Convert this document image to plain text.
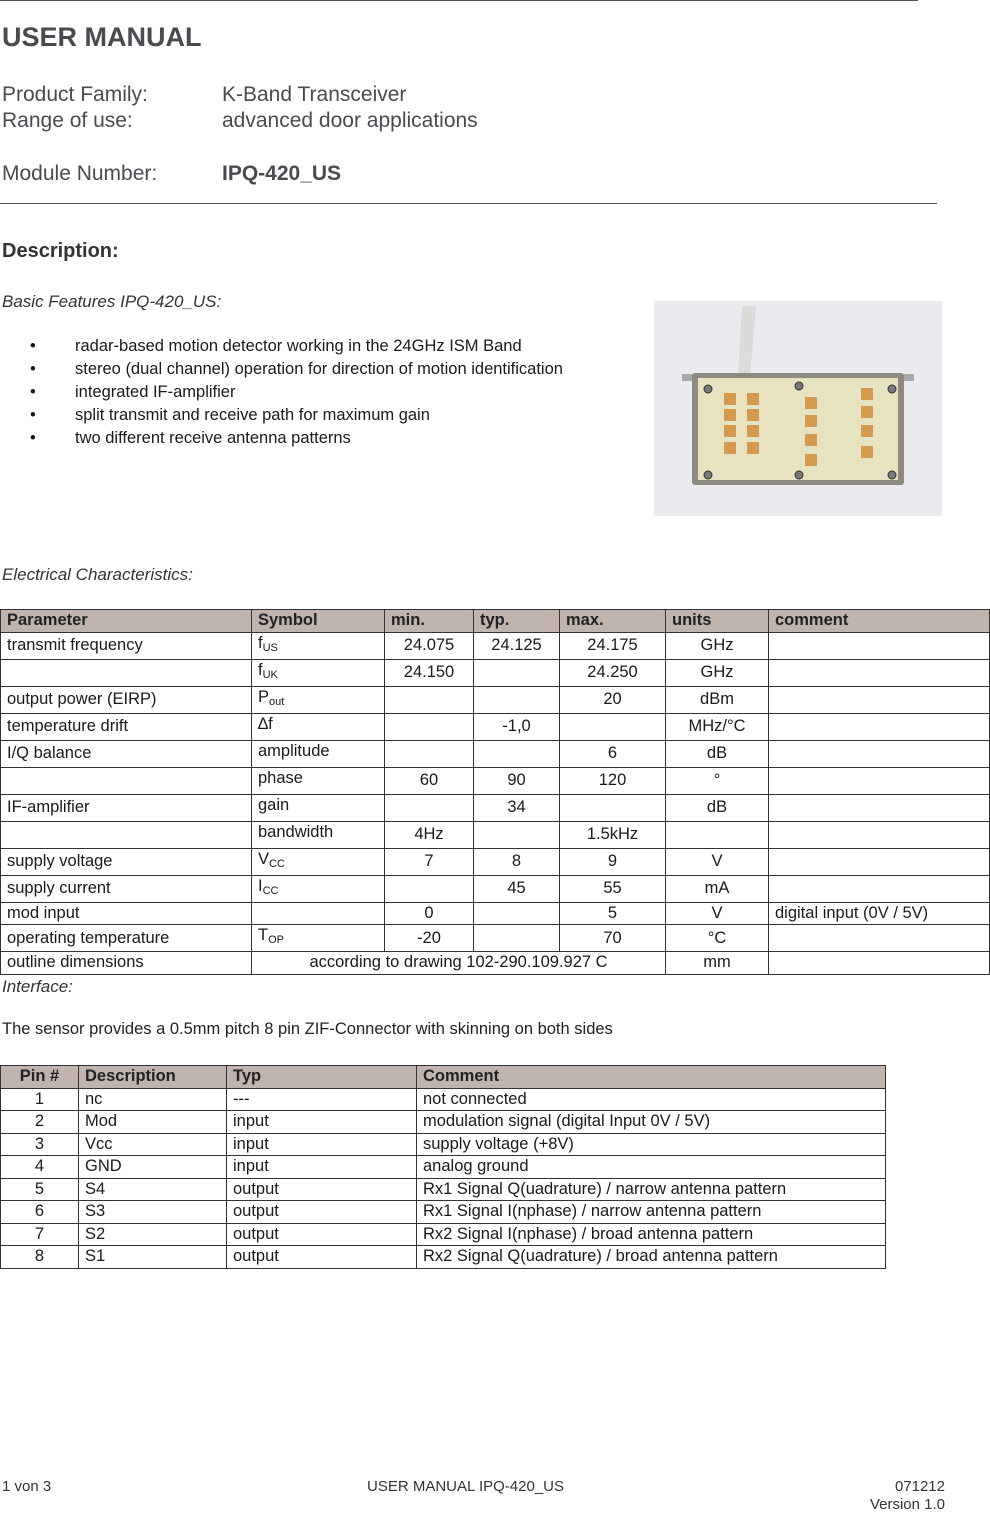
USER MANUAL
Product Family:	K-Band Transceiver
Range of use:	advanced door applications
Module Number:	IPQ-420_US
Description:
Basic Features IPQ-420_US:
• radar-based motion detector working in the 24GHz ISM Band
• stereo (dual channel) operation for direction of motion identification
• integrated IF-amplifier
• split transmit and receive path for maximum gain
• two different receive antenna patterns
Electrical Characteristics:
Parameter	Symbol	min.	typ.	max.	units	comment
transmit frequency	$f_{US}$	24.075	24.125	24.175	GHz	
	$f_{UK}$	24.150		24.250	GHz	
output power (EIRP)	$P_{out}$			20	dBm	
temperature drift	∆f		-1,0		MHz/°C	
I/Q balance	amplitude			6	dB	
	phase	60	90	120	°	
IF-amplifier	gain		34		dB	
	bandwidth	4Hz		1.5kHz		
supply voltage	$V_{CC}$	7	8	9	V	
supply current	$I_{CC}$		45	55	mA	
mod input		0		5	V	digital input (0V / 5V)
operating temperature	$T_{OP}$	-20		70	°C	
outline dimensions	according to drawing 102-290.109.927 C				mm	
Interface:
The sensor provides a 0.5mm pitch 8 pin ZIF-Connector with skinning on both sides
Pin #	Description	Typ	Comment
1	nc	---	not connected
2	Mod	input	modulation signal (digital Input 0V / 5V)
3	Vcc	input	supply voltage (+8V)
4	GND	input	analog ground
5	S4	output	Rx1 Signal Q(uadrature) / narrow antenna pattern
6	S3	output	Rx1 Signal I(nphase) / narrow antenna pattern
7	S2	output	Rx2 Signal I(nphase) / broad antenna pattern
8	S1	output	Rx2 Signal Q(uadrature) / broad antenna pattern
1 von 3	USER MANUAL IPQ-420_US	071212
Version 1.0
